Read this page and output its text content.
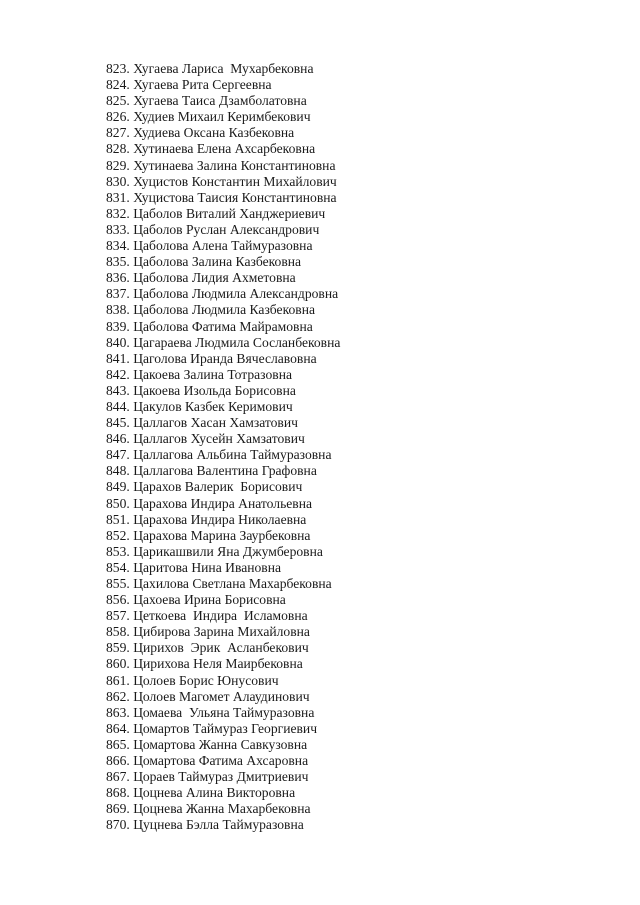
823. Хугаева Лариса  Мухарбековна
824. Хугаева Рита Сергеевна
825. Хугаева Таиса Дзамболатовна
826. Худиев Михаил Керимбекович
827. Худиева Оксана Казбековна
828. Хутинаева Елена Ахсарбековна
829. Хутинаева Залина Константиновна
830. Хуцистов Константин Михайлович
831. Хуцистова Таисия Константиновна
832. Цаболов Виталий Ханджериевич
833. Цаболов Руслан Александрович
834. Цаболова Алена Таймуразовна
835. Цаболова Залина Казбековна
836. Цаболова Лидия Ахметовна
837. Цаболова Людмила Александровна
838. Цаболова Людмила Казбековна
839. Цаболова Фатима Майрамовна
840. Цагараева Людмила Сосланбековна
841. Цаголова Иранда Вячеславовна
842. Цакоева Залина Тотразовна
843. Цакоева Изольда Борисовна
844. Цакулов Казбек Керимович
845. Цаллагов Хасан Хамзатович
846. Цаллагов Хусейн Хамзатович
847. Цаллагова Альбина Таймуразовна
848. Цаллагова Валентина Графовна
849. Царахов Валерик  Борисович
850. Царахова Индира Анатольевна
851. Царахова Индира Николаевна
852. Царахова Марина Заурбековна
853. Царикашвили Яна Джумберовна
854. Царитова Нина Ивановна
855. Цахилова Светлана Махарбековна
856. Цахоева Ирина Борисовна
857. Цеткоева  Индира  Исламовна
858. Цибирова Зарина Михайловна
859. Цирихов  Эрик  Асланбекович
860. Цирихова Неля Маирбековна
861. Цолоев Борис Юнусович
862. Цолоев Магомет Алаудинович
863. Цомаева  Ульяна Таймуразовна
864. Цомартов Таймураз Георгиевич
865. Цомартова Жанна Савкузовна
866. Цомартова Фатима Ахсаровна
867. Цораев Таймураз Дмитриевич
868. Цоцнева Алина Викторовна
869. Цоцнева Жанна Махарбековна
870. Цуцнева Бэлла Таймуразовна
